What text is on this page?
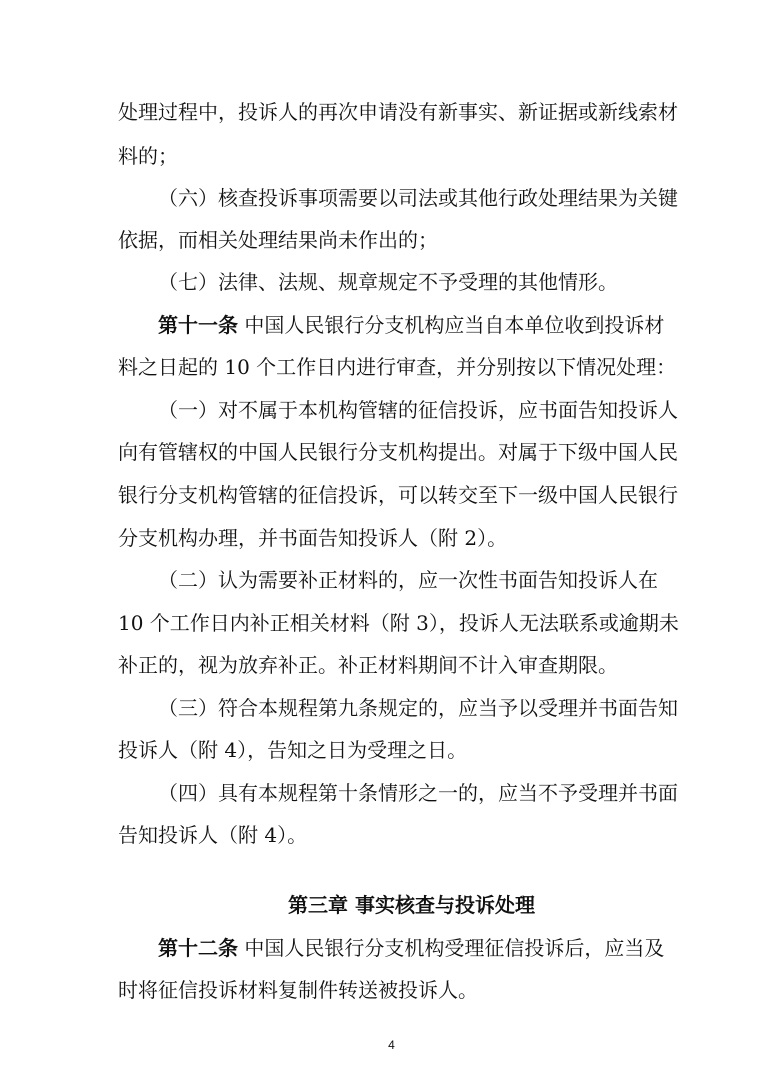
处理过程中，投诉人的再次申请没有新事实、新证据或新线索材
料的；
（六）核查投诉事项需要以司法或其他行政处理结果为关键
依据，而相关处理结果尚未作出的；
（七）法律、法规、规章规定不予受理的其他情形。
第十一条 中国人民银行分支机构应当自本单位收到投诉材
料之日起的 10 个工作日内进行审查，并分别按以下情况处理：
（一）对不属于本机构管辖的征信投诉，应书面告知投诉人
向有管辖权的中国人民银行分支机构提出。对属于下级中国人民
银行分支机构管辖的征信投诉，可以转交至下一级中国人民银行
分支机构办理，并书面告知投诉人（附 2）。
（二）认为需要补正材料的，应一次性书面告知投诉人在
10 个工作日内补正相关材料（附 3），投诉人无法联系或逾期未
补正的，视为放弃补正。补正材料期间不计入审查期限。
（三）符合本规程第九条规定的，应当予以受理并书面告知
投诉人（附 4），告知之日为受理之日。
（四）具有本规程第十条情形之一的，应当不予受理并书面
告知投诉人（附 4）。
第三章 事实核查与投诉处理
第十二条 中国人民银行分支机构受理征信投诉后，应当及
时将征信投诉材料复制件转送被投诉人。
4
